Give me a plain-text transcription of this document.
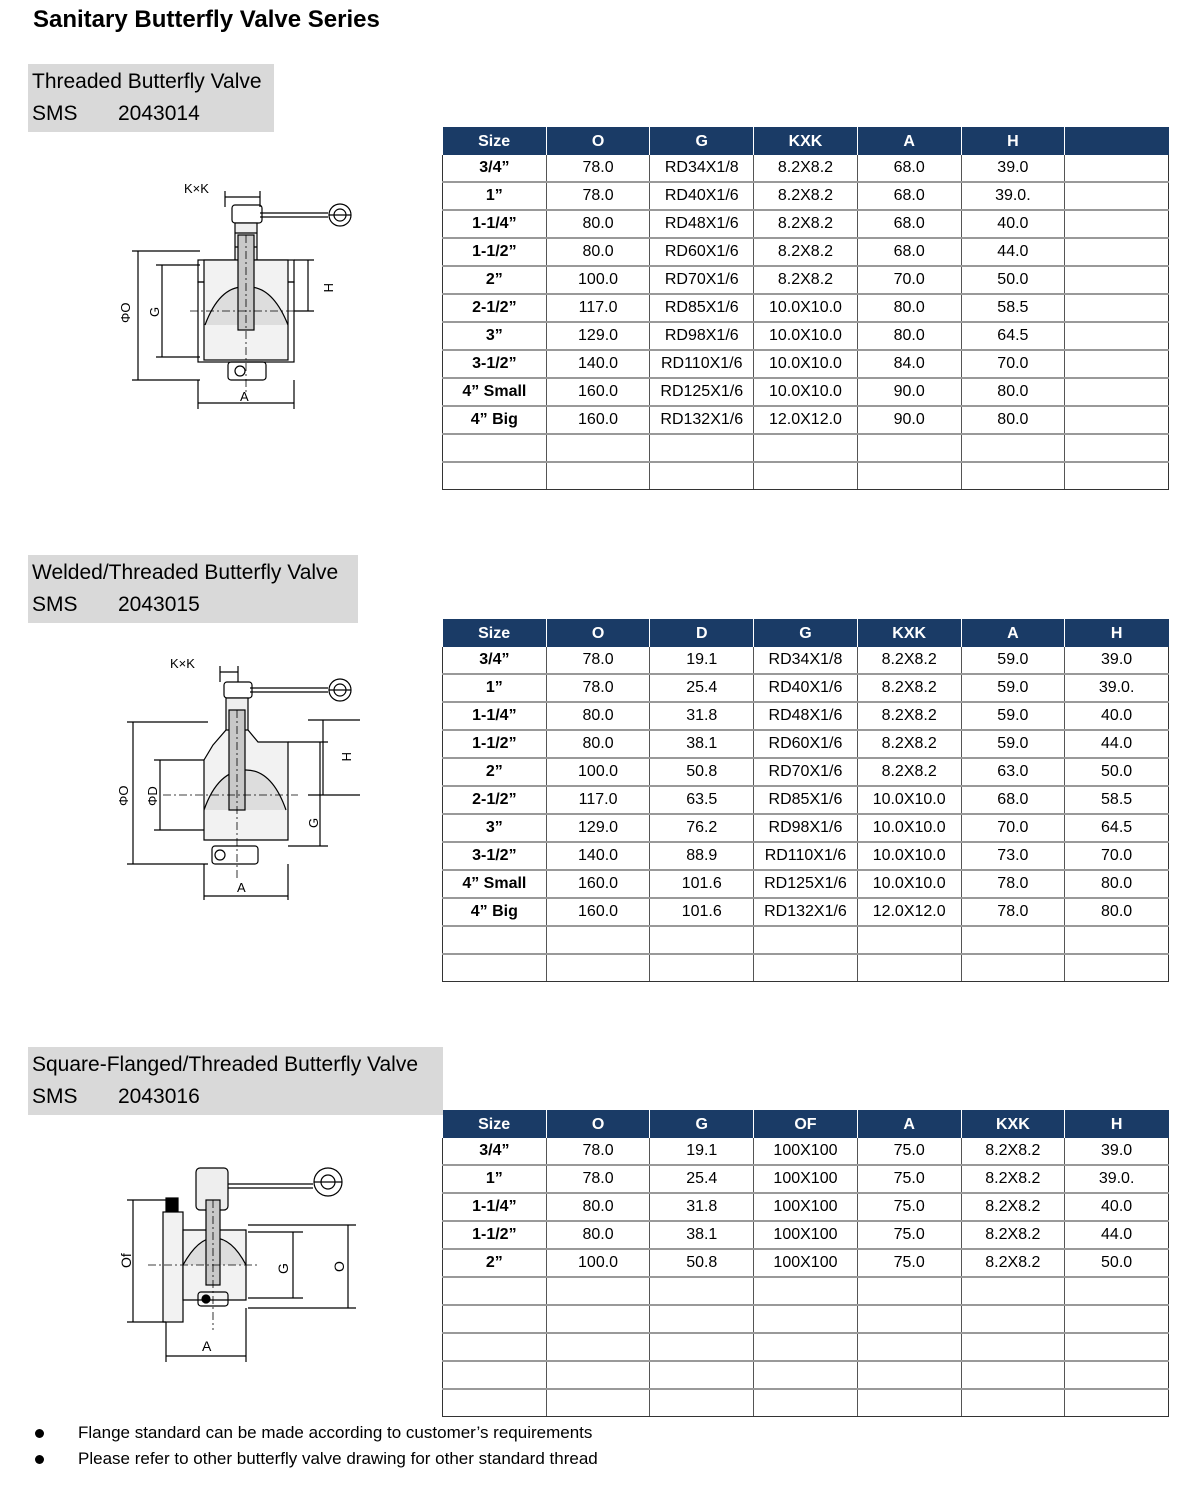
Sanitary Butterfly Valve Series
Threaded Butterfly Valve
SMS 2043014
K×K
ΦO G
H
A
Size	O	G	KXK	A	H	
3/4”	78.0	RD34X1/8	8.2X8.2	68.0	39.0	
1”	78.0	RD40X1/6	8.2X8.2	68.0	39.0.	
1-1/4”	80.0	RD48X1/6	8.2X8.2	68.0	40.0	
1-1/2”	80.0	RD60X1/6	8.2X8.2	68.0	44.0	
2”	100.0	RD70X1/6	8.2X8.2	70.0	50.0	
2-1/2”	117.0	RD85X1/6	10.0X10.0	80.0	58.5	
3”	129.0	RD98X1/6	10.0X10.0	80.0	64.5	
3-1/2”	140.0	RD110X1/6	10.0X10.0	84.0	70.0	
4” Small	160.0	RD125X1/6	10.0X10.0	90.0	80.0	
4” Big	160.0	RD132X1/6	12.0X12.0	90.0	80.0	

Welded/Threaded Butterfly Valve
SMS 2043015
K×K
ΦO ΦD
G
H
A
Size	O	D	G	KXK	A	H
3/4”	78.0	19.1	RD34X1/8	8.2X8.2	59.0	39.0
1”	78.0	25.4	RD40X1/6	8.2X8.2	59.0	39.0.
1-1/4”	80.0	31.8	RD48X1/6	8.2X8.2	59.0	40.0
1-1/2”	80.0	38.1	RD60X1/6	8.2X8.2	59.0	44.0
2”	100.0	50.8	RD70X1/6	8.2X8.2	63.0	50.0
2-1/2”	117.0	63.5	RD85X1/6	10.0X10.0	68.0	58.5
3”	129.0	76.2	RD98X1/6	10.0X10.0	70.0	64.5
3-1/2”	140.0	88.9	RD110X1/6	10.0X10.0	73.0	70.0
4” Small	160.0	101.6	RD125X1/6	10.0X10.0	78.0	80.0
4” Big	160.0	101.6	RD132X1/6	12.0X12.0	78.0	80.0

Square-Flanged/Threaded Butterfly Valve
SMS 2043016
Of
G	O
A
Size	O	G	OF	A	KXK	H
3/4”	78.0	19.1	100X100	75.0	8.2X8.2	39.0
1”	78.0	25.4	100X100	75.0	8.2X8.2	39.0.
1-1/4”	80.0	31.8	100X100	75.0	8.2X8.2	40.0
1-1/2”	80.0	38.1	100X100	75.0	8.2X8.2	44.0
2”	100.0	50.8	100X100	75.0	8.2X8.2	50.0

Flange standard can be made according to customer’s requirements
Please refer to other butterfly valve drawing for other standard thread
